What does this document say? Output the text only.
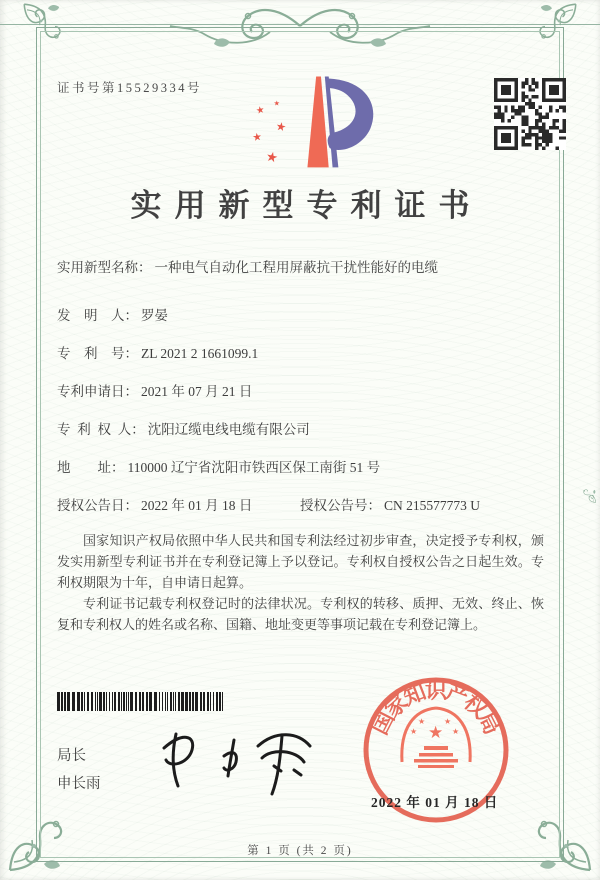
证书号第15529334号
★
★
★
★
★
实用新型专利证书
实用新型名称： 一种电气自动化工程用屏蔽抗干扰性能好的电缆
发　明　人： 罗晏
专　利　号： ZL 2021 2 1661099.1
专利申请日： 2021 年 07 月 21 日
专 利 权 人： 沈阳辽缆电线电缆有限公司
地　　址： 110000 辽宁省沈阳市铁西区保工南街 51 号
授权公告日： 2022 年 01 月 18 日	授权公告号： CN 215577773 U

国家知识产权局依照中华人民共和国专利法经过初步审查，决定授予专利权，颁发实用新型专利证书并在专利登记簿上予以登记。专利权自授权公告之日起生效。专利权期限为十年，自申请日起算。

专利证书记载专利权登记时的法律状况。专利权的转移、质押、无效、终止、恢复和专利权人的姓名或名称、国籍、地址变更等事项记载在专利登记簿上。

局长
申长雨
国
家
知
识
产
权
局
★
★
★ ★
★
2022 年 01 月 18 日
第 1 页 (共 2 页)
